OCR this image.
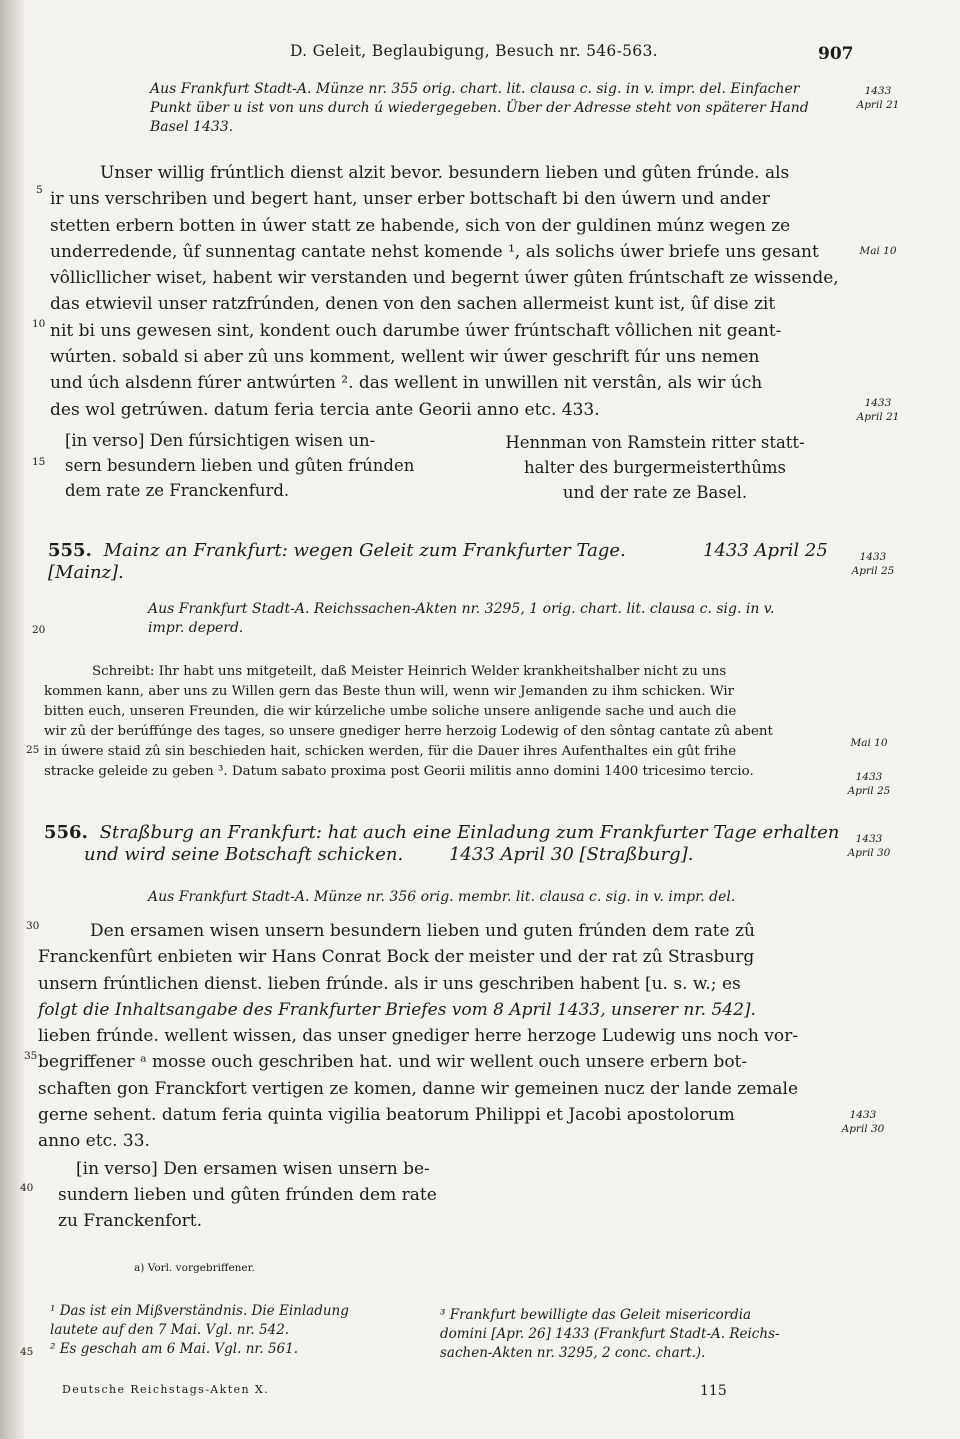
D. Geleit, Beglaubigung, Besuch nr. 546-563.	907
Aus Frankfurt Stadt-A. Münze nr. 355 orig. chart. lit. clausa c. sig. in v. impr. del. Einfacher Punkt über u ist von uns durch ú wiedergegeben. Über der Adresse steht von späterer Hand Basel 1433.
1433
April 21
Unser willig frúntlich dienst alzit bevor. besundern lieben und gûten frúnde. als
ir uns verschriben und begert hant, unser erber bottschaft bi den úwern und ander
stetten erbern botten in úwer statt ze habende, sich von der guldinen múnz wegen ze
underredende, ûf sunnentag cantate nehst komende ¹, als solichs úwer briefe uns gesant
vôllicllicher wiset, habent wir verstanden und begernt úwer gûten frúntschaft ze wissende,
das etwievil unser ratzfrúnden, denen von den sachen allermeist kunt ist, ûf dise zit
nit bi uns gewesen sint, kondent ouch darumbe úwer frúntschaft vôllichen nit geant-
wúrten. sobald si aber zû uns komment, wellent wir úwer geschrift fúr uns nemen
und úch alsdenn fúrer antwúrten ². das wellent in unwillen nit verstân, als wir úch
des wol getrúwen. datum feria tercia ante Georii anno etc. 433.
Mai 10
1433
April 21
[in verso] Den fúrsichtigen wisen un-
sern besundern lieben und gûten frúnden
dem rate ze Franckenfurd.
Hennman von Ramstein ritter statt-
halter des burgermeisterthûms
und der rate ze Basel.
555. Mainz an Frankfurt: wegen Geleit zum Frankfurter Tage.	1433 April 25
[Mainz].
1433
April 25
Aus Frankfurt Stadt-A. Reichssachen-Akten nr. 3295, 1 orig. chart. lit. clausa c. sig. in v.
impr. deperd.
Schreibt: Ihr habt uns mitgeteilt, daß Meister Heinrich Welder krankheitshalber nicht zu uns
kommen kann, aber uns zu Willen gern das Beste thun will, wenn wir Jemanden zu ihm schicken. Wir
bitten euch, unseren Freunden, die wir kúrzeliche umbe soliche unsere anligende sache und auch die
wir zû der berúffúnge des tages, so unsere gnediger herre herzoig Lodewig of den sôntag cantate zû abent
in úwere staid zû sin beschieden hait, schicken werden, für die Dauer ihres Aufenthaltes ein gût frihe
stracke geleide zu geben ³. Datum sabato proxima post Georii militis anno domini 1400 tricesimo tercio.
Mai 10
1433
April 25
556. Straßburg an Frankfurt: hat auch eine Einladung zum Frankfurter Tage erhalten
und wird seine Botschaft schicken.	1433 April 30 [Straßburg].
1433
April 30
Aus Frankfurt Stadt-A. Münze nr. 356 orig. membr. lit. clausa c. sig. in v. impr. del.
Den ersamen wisen unsern besundern lieben und guten frúnden dem rate zû
Franckenfûrt enbieten wir Hans Conrat Bock der meister und der rat zû Strasburg
unsern frúntlichen dienst. lieben frúnde. als ir uns geschriben habent [u. s. w.; es
folgt die Inhaltsangabe des Frankfurter Briefes vom 8 April 1433, unserer nr. 542].
lieben frúnde. wellent wissen, das unser gnediger herre herzoge Ludewig uns noch vor-
begriffener ᵃ mosse ouch geschriben hat. und wir wellent ouch unsere erbern bot-
schaften gon Franckfort vertigen ze komen, danne wir gemeinen nucz der lande zemale
gerne sehent. datum feria quinta vigilia beatorum Philippi et Jacobi apostolorum
anno etc. 33.
1433
April 30
[in verso] Den ersamen wisen unsern be-
sundern lieben und gûten frúnden dem rate
zu Franckenfort.
a) Vorl. vorgebriffener.
¹ Das ist ein Mißverständnis. Die Einladung
lautete auf den 7 Mai. Vgl. nr. 542.
² Es geschah am 6 Mai. Vgl. nr. 561.
³ Frankfurt bewilligte das Geleit misericordia
domini [Apr. 26] 1433 (Frankfurt Stadt-A. Reichs-
sachen-Akten nr. 3295, 2 conc. chart.).
Deutsche Reichstags-Akten X.	115
5
10
15
20
25
30
35
40
45
